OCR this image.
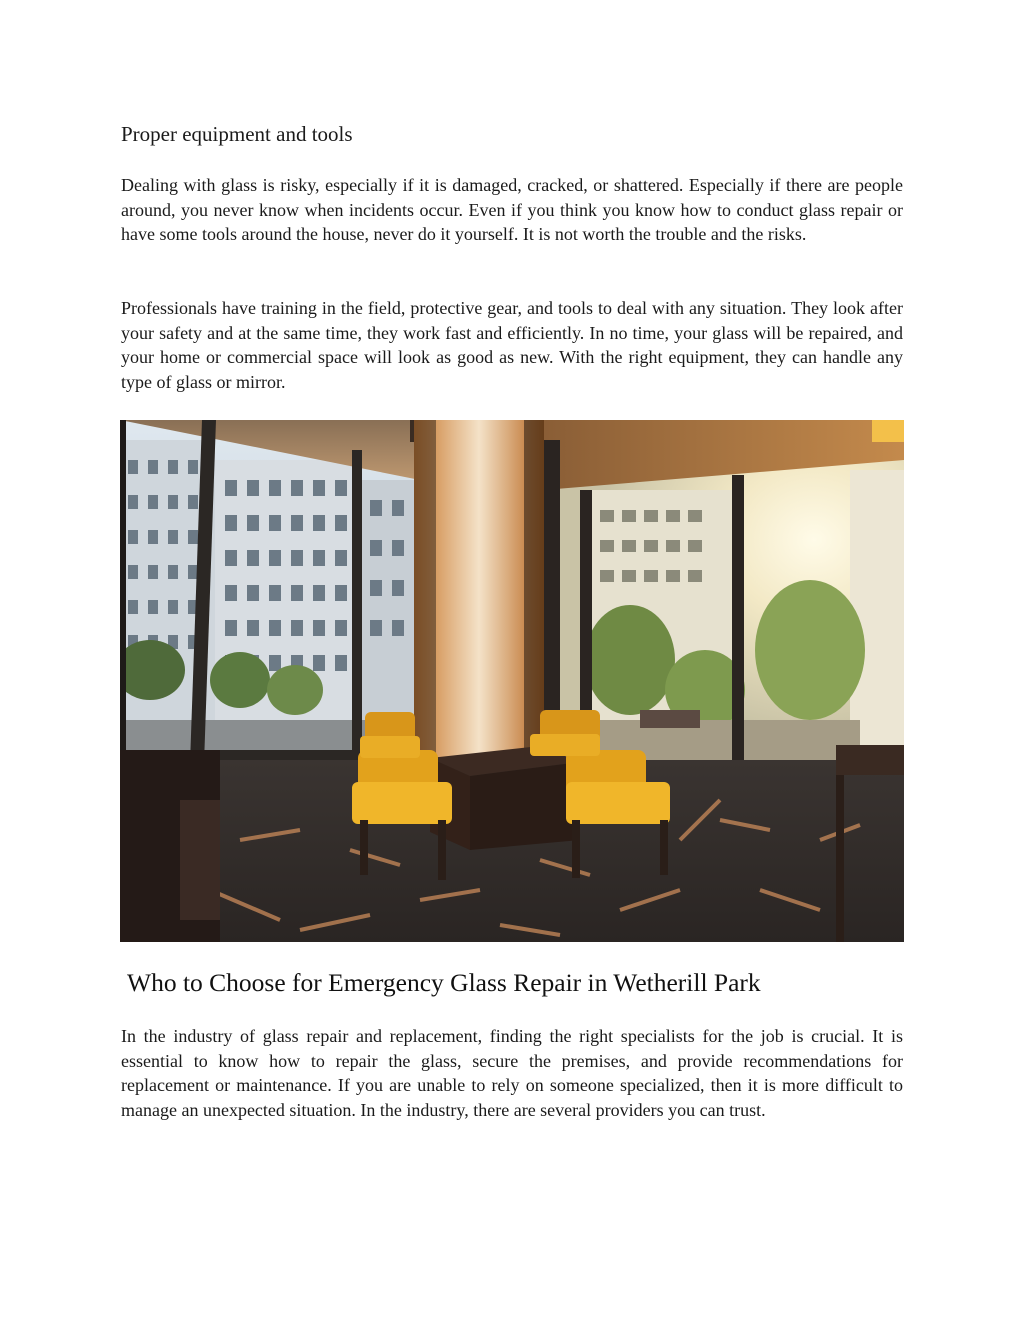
Proper equipment and tools

Dealing with glass is risky, especially if it is damaged, cracked, or shattered. Especially if there are people around, you never know when incidents occur. Even if you think you know how to conduct glass repair or have some tools around the house, never do it yourself. It is not worth the trouble and the risks.

Professionals have training in the field, protective gear, and tools to deal with any situation. They look after your safety and at the same time, they work fast and efficiently. In no time, your glass will be repaired, and your home or commercial space will look as good as new. With the right equipment, they can handle any type of glass or mirror.

Who to Choose for Emergency Glass Repair in Wetherill Park

In the industry of glass repair and replacement, finding the right specialists for the job is crucial. It is essential to know how to repair the glass, secure the premises, and provide recommendations for replacement or maintenance. If you are unable to rely on someone specialized, then it is more difficult to manage an unexpected situation. In the industry, there are several providers you can trust.
